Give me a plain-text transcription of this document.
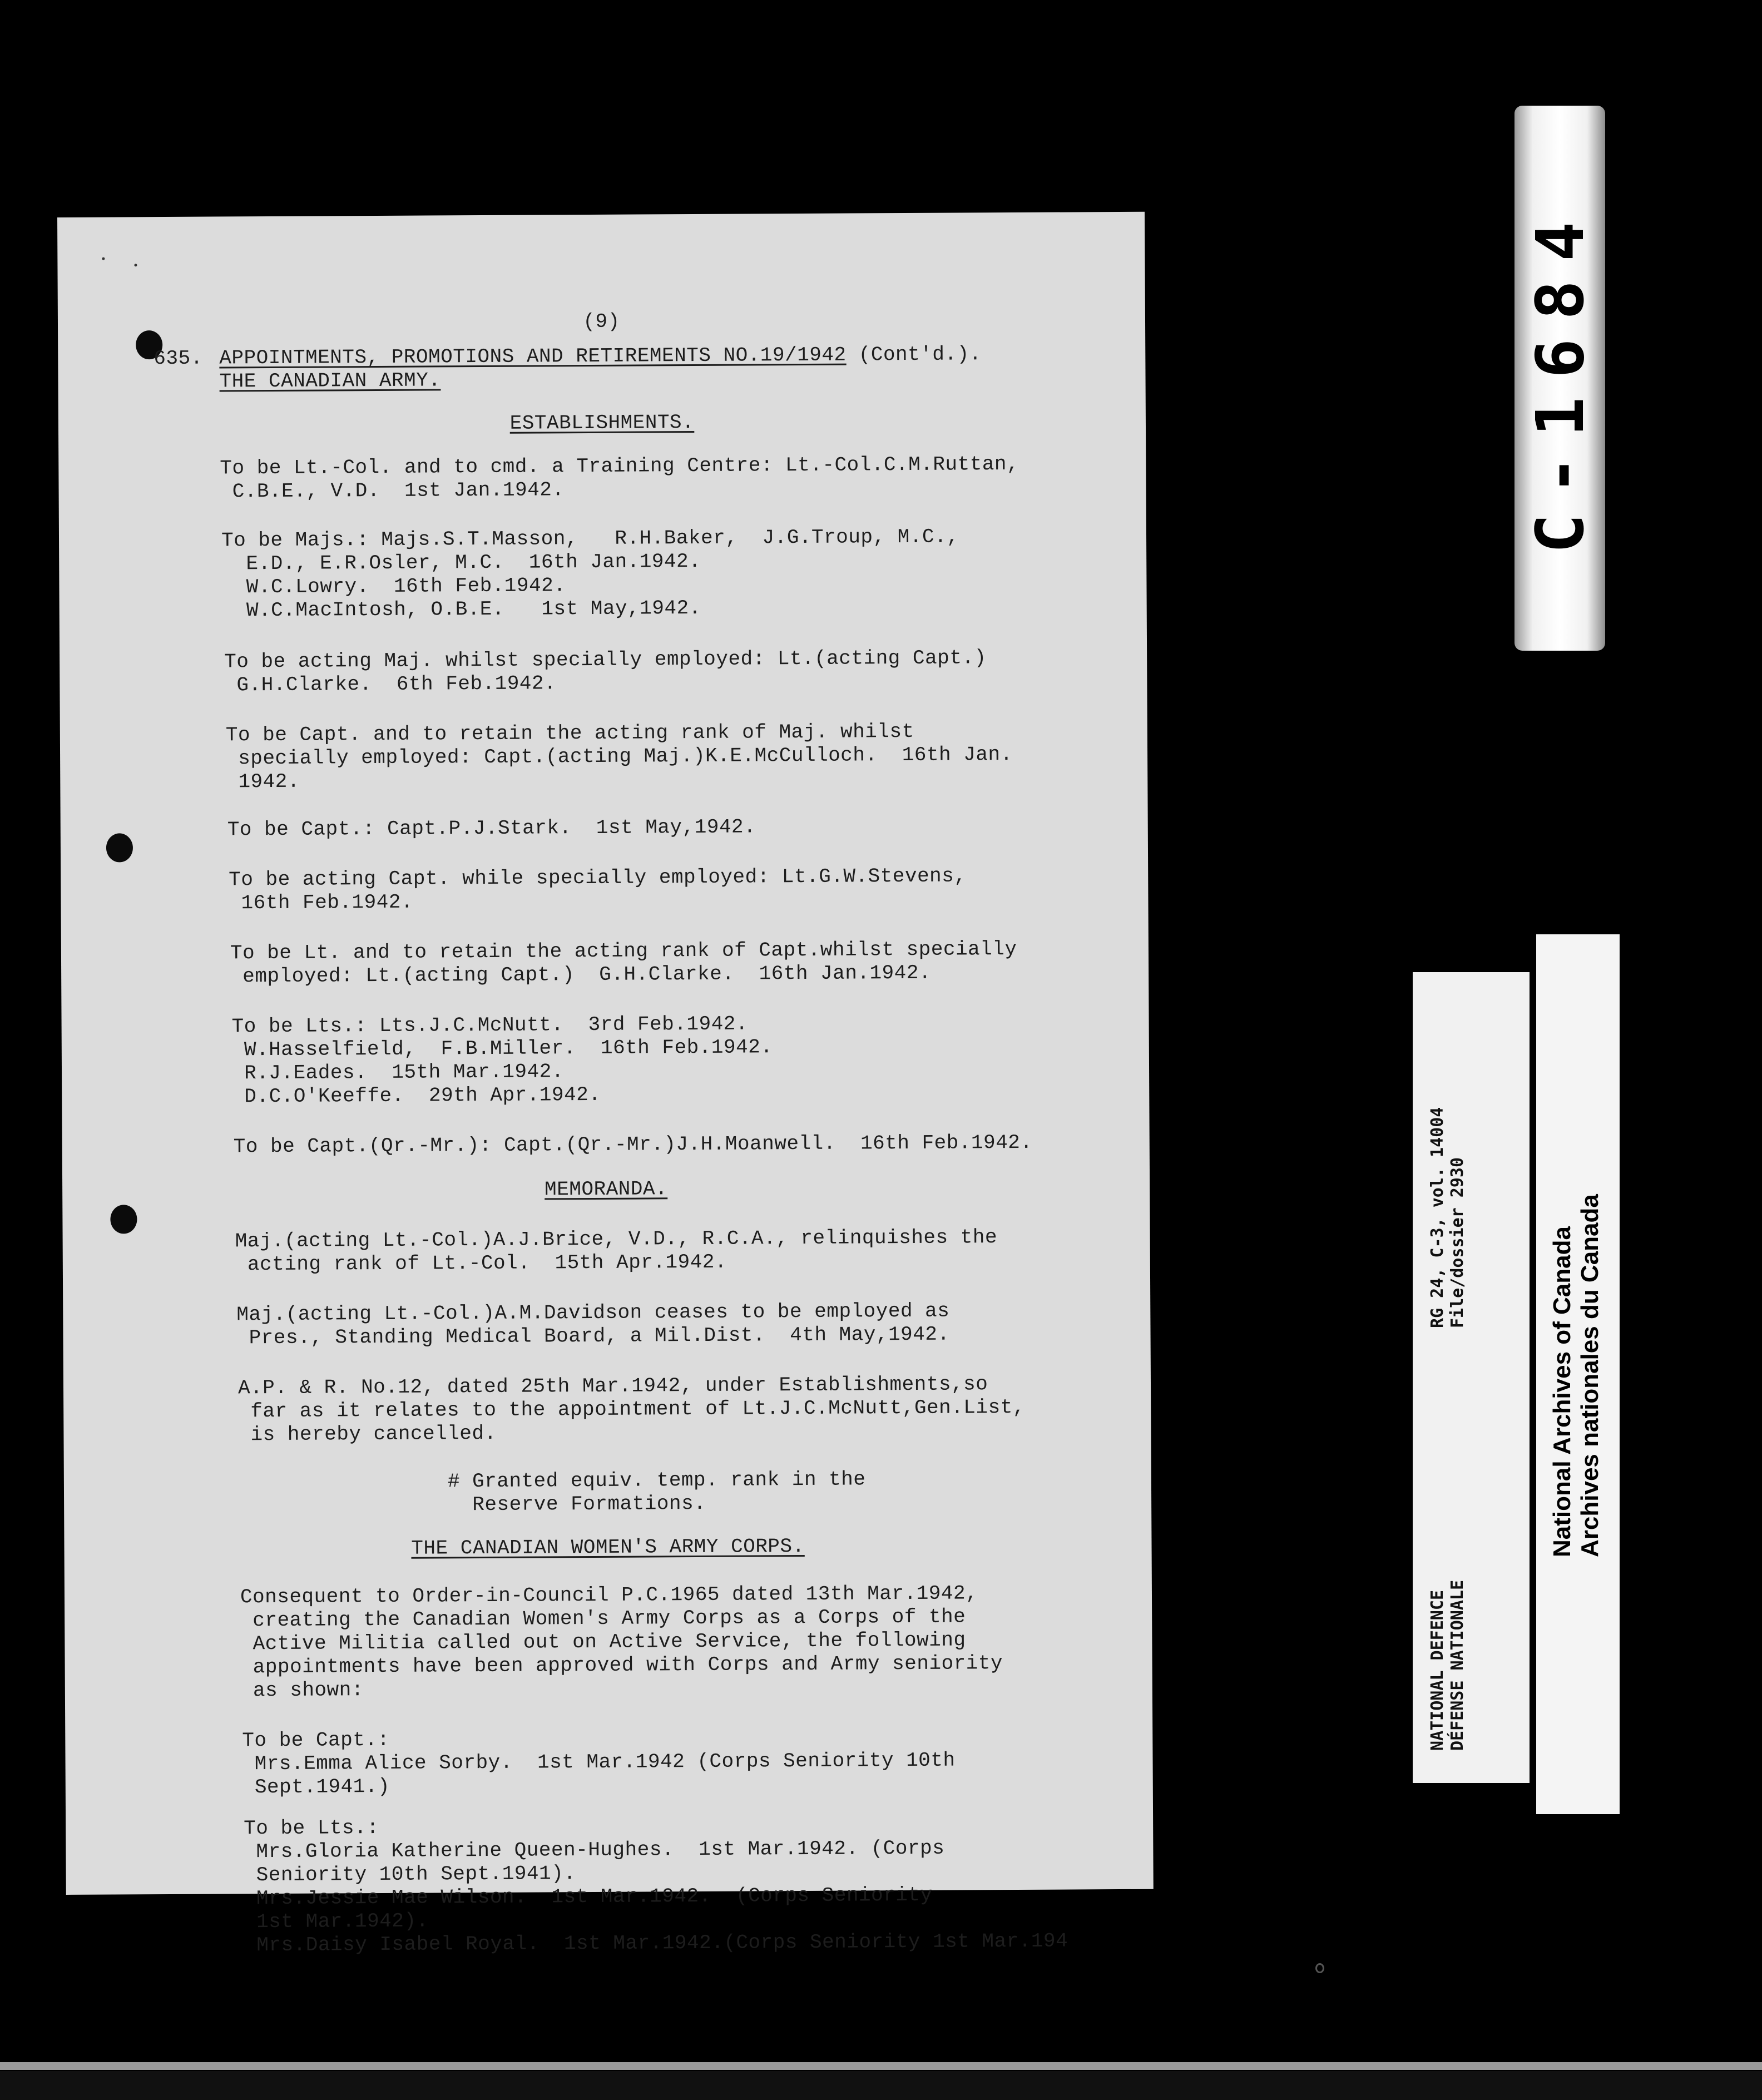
(9)
635. APPOINTMENTS, PROMOTIONS AND RETIREMENTS NO.19/1942 (Cont'd.).
THE CANADIAN ARMY.
ESTABLISHMENTS.
To be Lt.-Col. and to cmd. a Training Centre: Lt.-Col.C.M.Ruttan,
C.B.E., V.D.  1st Jan.1942.
To be Majs.: Majs.S.T.Masson,   R.H.Baker,  J.G.Troup, M.C.,
E.D., E.R.Osler, M.C.  16th Jan.1942.
W.C.Lowry.  16th Feb.1942.
W.C.MacIntosh, O.B.E.   1st May,1942.
To be acting Maj. whilst specially employed: Lt.(acting Capt.)
G.H.Clarke.  6th Feb.1942.
To be Capt. and to retain the acting rank of Maj. whilst
specially employed: Capt.(acting Maj.)K.E.McCulloch.  16th Jan.
1942.
To be Capt.: Capt.P.J.Stark.  1st May,1942.
To be acting Capt. while specially employed: Lt.G.W.Stevens,
16th Feb.1942.
To be Lt. and to retain the acting rank of Capt.whilst specially
employed: Lt.(acting Capt.)  G.H.Clarke.  16th Jan.1942.
To be Lts.: Lts.J.C.McNutt.  3rd Feb.1942.
W.Hasselfield,  F.B.Miller.  16th Feb.1942.
R.J.Eades.  15th Mar.1942.
D.C.O'Keeffe.  29th Apr.1942.
To be Capt.(Qr.-Mr.): Capt.(Qr.-Mr.)J.H.Moanwell.  16th Feb.1942.
MEMORANDA.
Maj.(acting Lt.-Col.)A.J.Brice, V.D., R.C.A., relinquishes the
acting rank of Lt.-Col.  15th Apr.1942.
Maj.(acting Lt.-Col.)A.M.Davidson ceases to be employed as
Pres., Standing Medical Board, a Mil.Dist.  4th May,1942.
A.P. & R. No.12, dated 25th Mar.1942, under Establishments,so
far as it relates to the appointment of Lt.J.C.McNutt,Gen.List,
is hereby cancelled.
# Granted equiv. temp. rank in the
Reserve Formations.
THE CANADIAN WOMEN'S ARMY CORPS.
Consequent to Order-in-Council P.C.1965 dated 13th Mar.1942,
creating the Canadian Women's Army Corps as a Corps of the
Active Militia called out on Active Service, the following
appointments have been approved with Corps and Army seniority
as shown:
To be Capt.:
Mrs.Emma Alice Sorby.  1st Mar.1942 (Corps Seniority 10th
Sept.1941.)
To be Lts.:
Mrs.Gloria Katherine Queen-Hughes.  1st Mar.1942. (Corps
Seniority 10th Sept.1941).
Mrs.Jessie Mae Wilson.  1st Mar.1942.  (Corps Seniority
1st Mar.1942).
Mrs.Daisy Isabel Royal.  1st Mar.1942.(Corps Seniority 1st Mar.194
C-1684
NATIONAL DEFENCE DÉFENSE NATIONALE
RG 24, C-3, vol. 14004 File/dossier 2930	National Archives of Canada Archives nationales du Canada
